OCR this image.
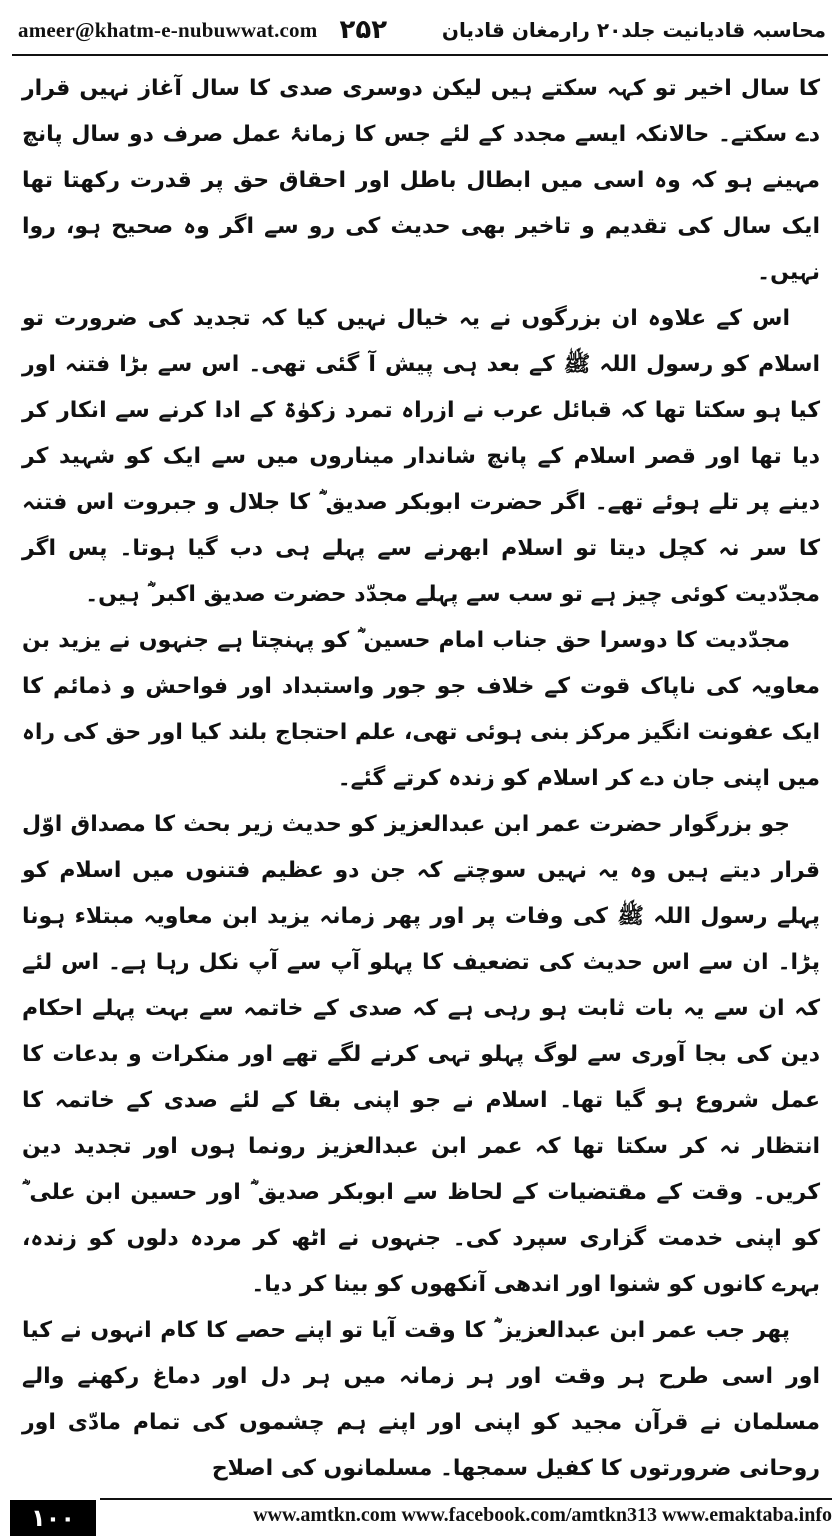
ameer@khatm-e-nubuwwat.com ۲۵۲	محاسبہ قادیانیت جلد۲۰ رارمغان قادیان

کا سال اخیر تو کہہ سکتے ہیں لیکن دوسری صدی کا سال آغاز نہیں قرار دے سکتے۔ حالانکہ ایسے مجدد کے لئے جس کا زمانۂ عمل صرف دو سال پانچ مہینے ہو کہ وہ اسی میں ابطال باطل اور احقاق حق پر قدرت رکھتا تھا ایک سال کی تقدیم و تاخیر بھی حدیث کی رو سے اگر وہ صحیح ہو، روا نہیں۔

اس کے علاوہ ان بزرگوں نے یہ خیال نہیں کیا کہ تجدید کی ضرورت تو اسلام کو رسول اللہ ﷺ کے بعد ہی پیش آ گئی تھی۔ اس سے بڑا فتنہ اور کیا ہو سکتا تھا کہ قبائل عرب نے ازراہ تمرد زکوٰۃ کے ادا کرنے سے انکار کر دیا تھا اور قصر اسلام کے پانچ شاندار میناروں میں سے ایک کو شہید کر دینے پر تلے ہوئے تھے۔ اگر حضرت ابوبکر صدیق ؓ کا جلال و جبروت اس فتنہ کا سر نہ کچل دیتا تو اسلام ابھرنے سے پہلے ہی دب گیا ہوتا۔ پس اگر مجدّدیت کوئی چیز ہے تو سب سے پہلے مجدّد حضرت صدیق اکبر ؓ ہیں۔

مجدّدیت کا دوسرا حق جناب امام حسین ؓ کو پہنچتا ہے جنہوں نے یزید بن معاویہ کی ناپاک قوت کے خلاف جو جور واستبداد اور فواحش و ذمائم کا ایک عفونت انگیز مرکز بنی ہوئی تھی، علم احتجاج بلند کیا اور حق کی راہ میں اپنی جان دے کر اسلام کو زندہ کرتے گئے۔

جو بزرگوار حضرت عمر ابن عبدالعزیز کو حدیث زیر بحث کا مصداق اوّل قرار دیتے ہیں وہ یہ نہیں سوچتے کہ جن دو عظیم فتنوں میں اسلام کو پہلے رسول اللہ ﷺ کی وفات پر اور پھر زمانہ یزید ابن معاویہ مبتلاء ہونا پڑا۔ ان سے اس حدیث کی تضعیف کا پہلو آپ سے آپ نکل رہا ہے۔ اس لئے کہ ان سے یہ بات ثابت ہو رہی ہے کہ صدی کے خاتمہ سے بہت پہلے احکام دین کی بجا آوری سے لوگ پہلو تہی کرنے لگے تھے اور منکرات و بدعات کا عمل شروع ہو گیا تھا۔ اسلام نے جو اپنی بقا کے لئے صدی کے خاتمہ کا انتظار نہ کر سکتا تھا کہ عمر ابن عبدالعزیز رونما ہوں اور تجدید دین کریں۔ وقت کے مقتضیات کے لحاظ سے ابوبکر صدیق ؓ اور حسین ابن علی ؓ کو اپنی خدمت گزاری سپرد کی۔ جنہوں نے اٹھ کر مردہ دلوں کو زندہ، بہرے کانوں کو شنوا اور اندھی آنکھوں کو بینا کر دیا۔

پھر جب عمر ابن عبدالعزیز ؓ کا وقت آیا تو اپنے حصے کا کام انہوں نے کیا اور اسی طرح ہر وقت اور ہر زمانہ میں ہر دل اور دماغ رکھنے والے مسلمان نے قرآن مجید کو اپنی اور اپنے ہم چشموں کی تمام مادّی اور روحانی ضرورتوں کا کفیل سمجھا۔ مسلمانوں کی اصلاح

۱۰۰	www.amtkn.com www.facebook.com/amtkn313 www.emaktaba.info
